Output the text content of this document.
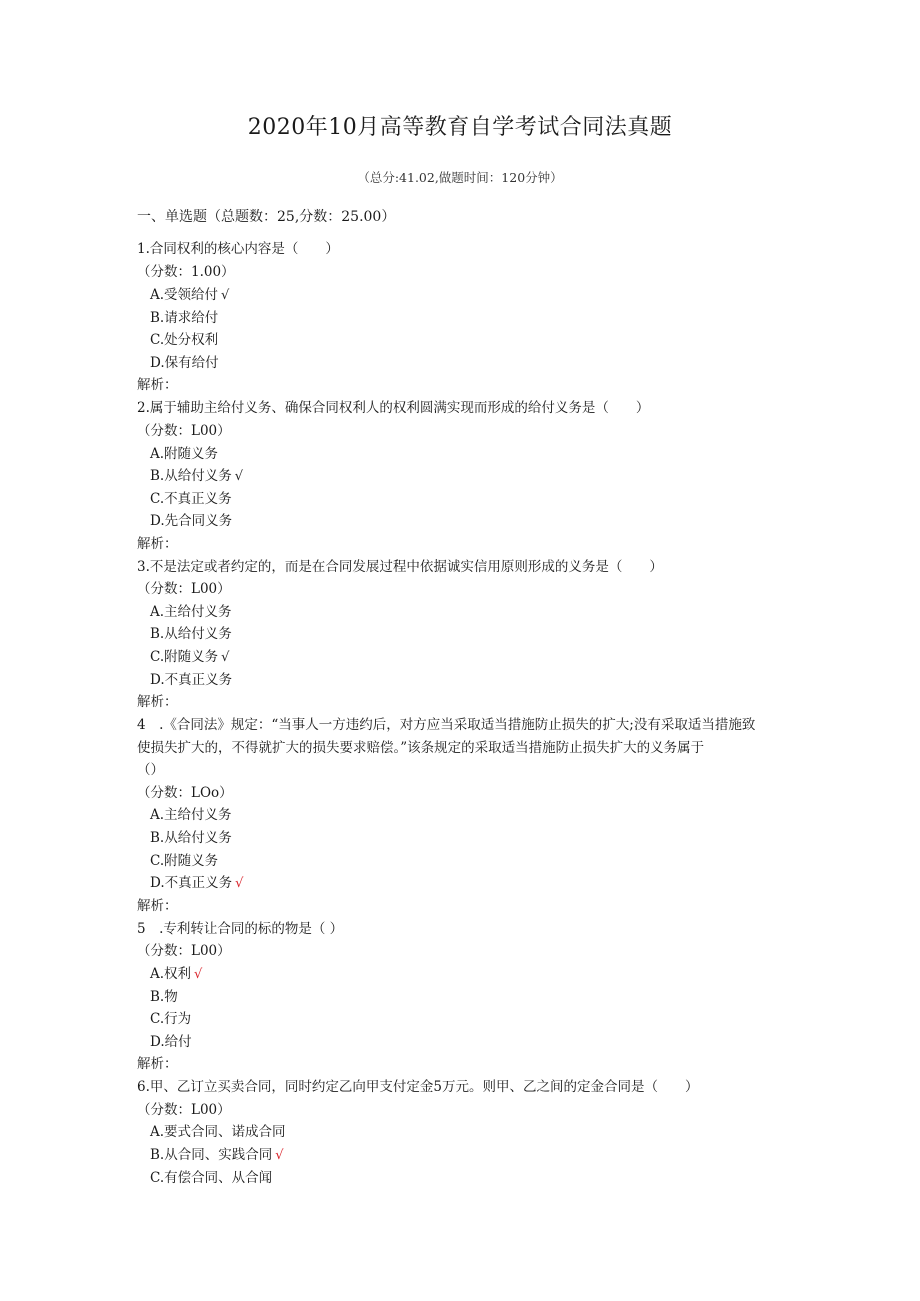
2020年10月高等教育自学考试合同法真题
（总分:41.02,做题时间：120分钟）
一、单选题（总题数：25,分数：25.00）
1.合同权利的核心内容是（　　）
（分数：1.00）
A.受领给付 √
B.请求给付
C.处分权利
D.保有给付
解析：
2.属于辅助主给付义务、确保合同权利人的权利圆满实现而形成的给付义务是（　　）
（分数：L00）
A.附随义务
B.从给付义务 √
C.不真正义务
D.先合同义务
解析：
3.不是法定或者约定的，而是在合同发展过程中依据诚实信用原则形成的义务是（　　）
（分数：L00）
A.主给付义务
B.从给付义务
C.附随义务 √
D.不真正义务
解析：
4　.《合同法》规定：“当事人一方违约后，对方应当采取适当措施防止损失的扩大;没有采取适当措施致
使损失扩大的，不得就扩大的损失要求赔偿。”该条规定的采取适当措施防止损失扩大的义务属于
（）
（分数：LOo）
A.主给付义务
B.从给付义务
C.附随义务
D.不真正义务 √
解析：
5　.专利转让合同的标的物是（ ）
（分数：L00）
A.权利 √
B.物
C.行为
D.给付
解析：
6.甲、乙订立买卖合同，同时约定乙向甲支付定金5万元。则甲、乙之间的定金合同是（　　）
（分数：L00）
A.要式合同、诺成合同
B.从合同、实践合同 √
C.有偿合同、从合闻
